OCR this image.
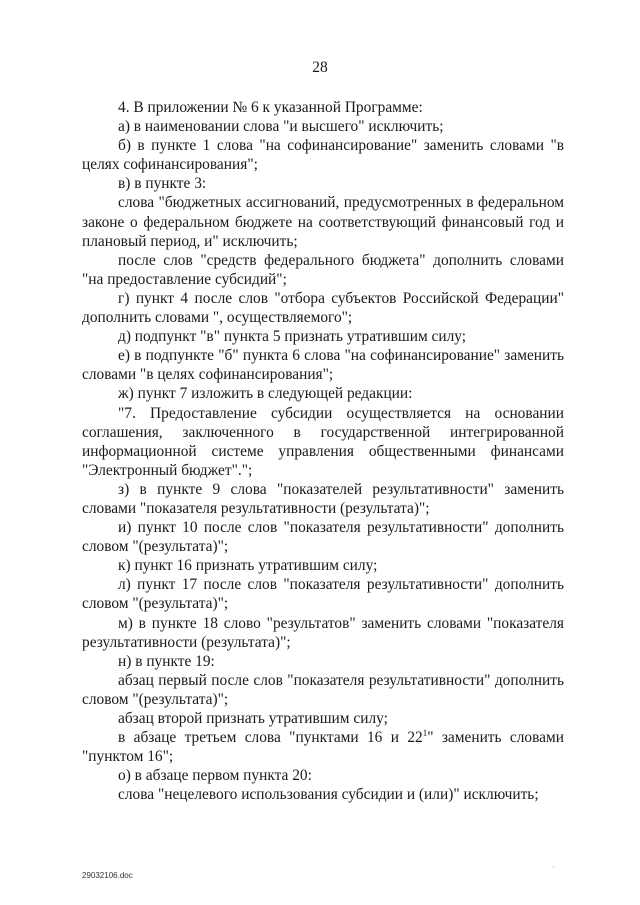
28

4. В приложении № 6 к указанной Программе:

а) в наименовании слова "и высшего" исключить;

б) в пункте 1 слова "на софинансирование" заменить словами "в целях софинансирования";

в) в пункте 3:

слова "бюджетных ассигнований, предусмотренных в федеральном законе о федеральном бюджете на соответствующий финансовый год и плановый период, и" исключить;

после слов "средств федерального бюджета" дополнить словами "на предоставление субсидий";

г) пункт 4 после слов "отбора субъектов Российской Федерации" дополнить словами ", осуществляемого";

д) подпункт "в" пункта 5 признать утратившим силу;

е) в подпункте "б" пункта 6 слова "на софинансирование" заменить словами "в целях софинансирования";

ж) пункт 7 изложить в следующей редакции:

"7. Предоставление субсидии осуществляется на основании соглашения, заключенного в государственной интегрированной информационной системе управления общественными финансами "Электронный бюджет".";

з) в пункте 9 слова "показателей результативности" заменить словами "показателя результативности (результата)";

и) пункт 10 после слов "показателя результативности" дополнить словом "(результата)";

к) пункт 16 признать утратившим силу;

л) пункт 17 после слов "показателя результативности" дополнить словом "(результата)";

м) в пункте 18 слово "результатов" заменить словами "показателя результативности (результата)";

н) в пункте 19:

абзац первый после слов "показателя результативности" дополнить словом "(результата)";

абзац второй признать утратившим силу;

в абзаце третьем слова "пунктами 16 и $22^1$" заменить словами "пунктом 16";

о) в абзаце первом пункта 20:

слова "нецелевого использования субсидии и (или)" исключить;

29032106.doc
·
